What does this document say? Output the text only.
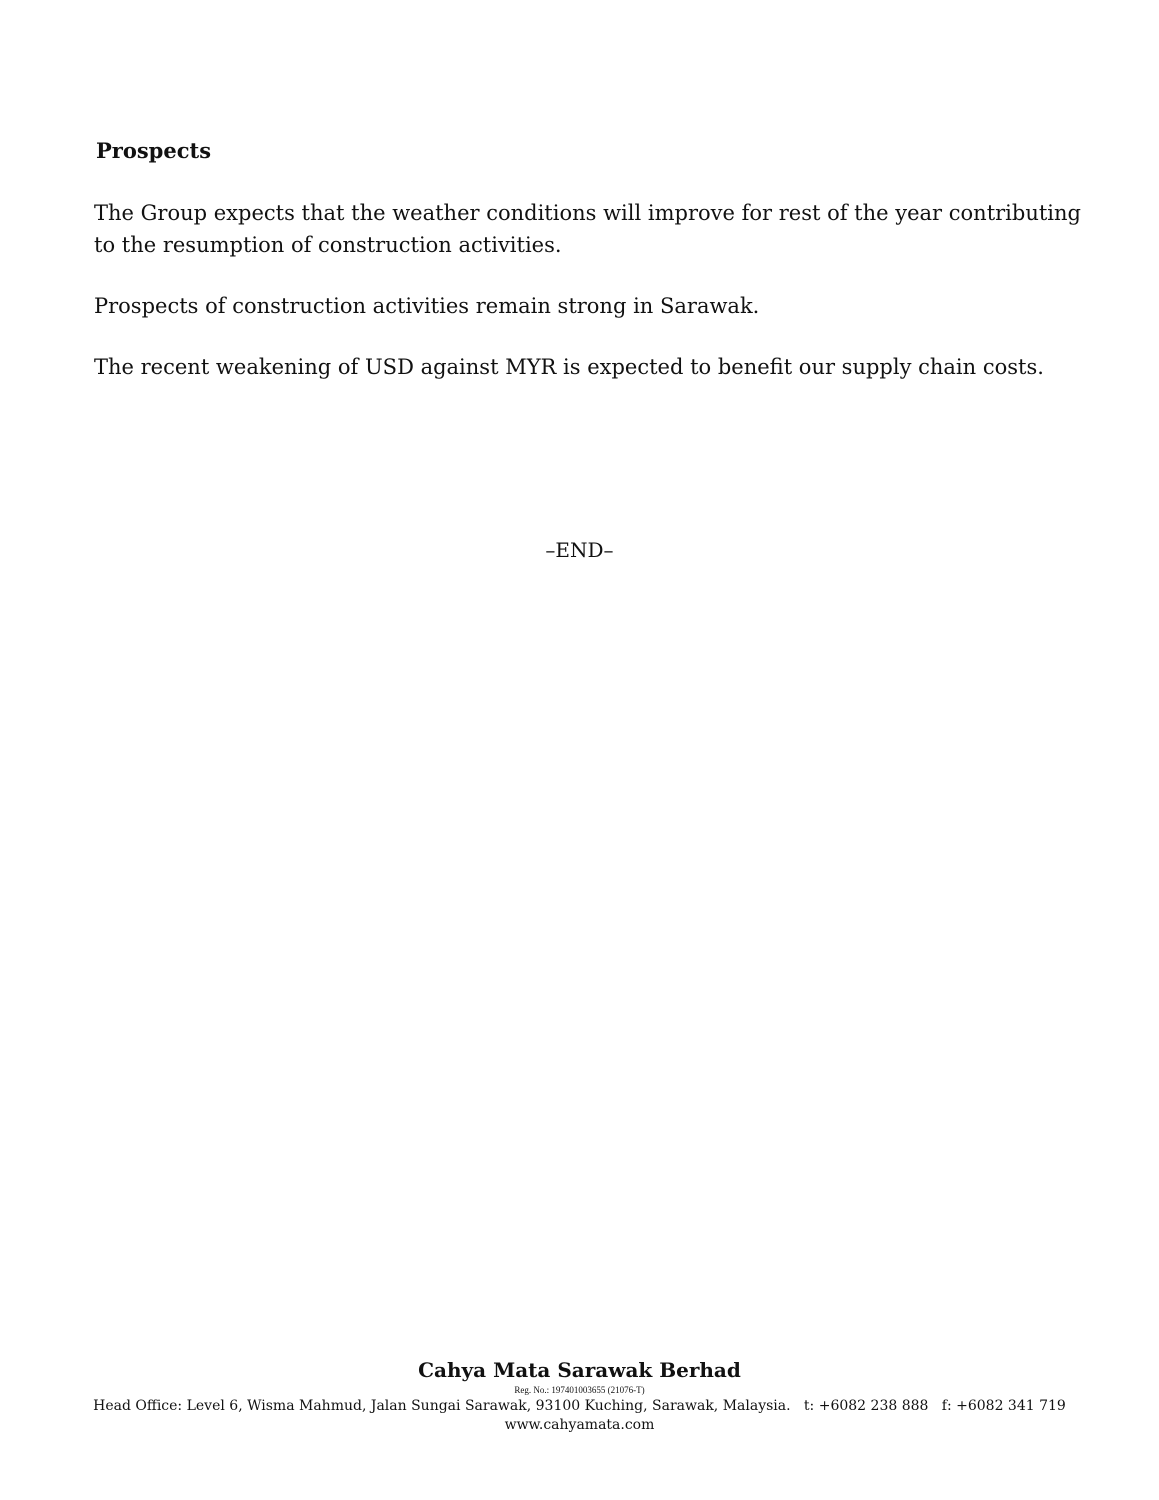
Prospects

The Group expects that the weather conditions will improve for rest of the year contributing to the resumption of construction activities.

Prospects of construction activities remain strong in Sarawak.

The recent weakening of USD against MYR is expected to benefit our supply chain costs.

–END–

Cahya Mata Sarawak Berhad

Reg. No.: 197401003655 (21076-T)

Head Office: Level 6, Wisma Mahmud, Jalan Sungai Sarawak, 93100 Kuching, Sarawak, Malaysia.   t: +6082 238 888   f: +6082 341 719

www.cahyamata.com
